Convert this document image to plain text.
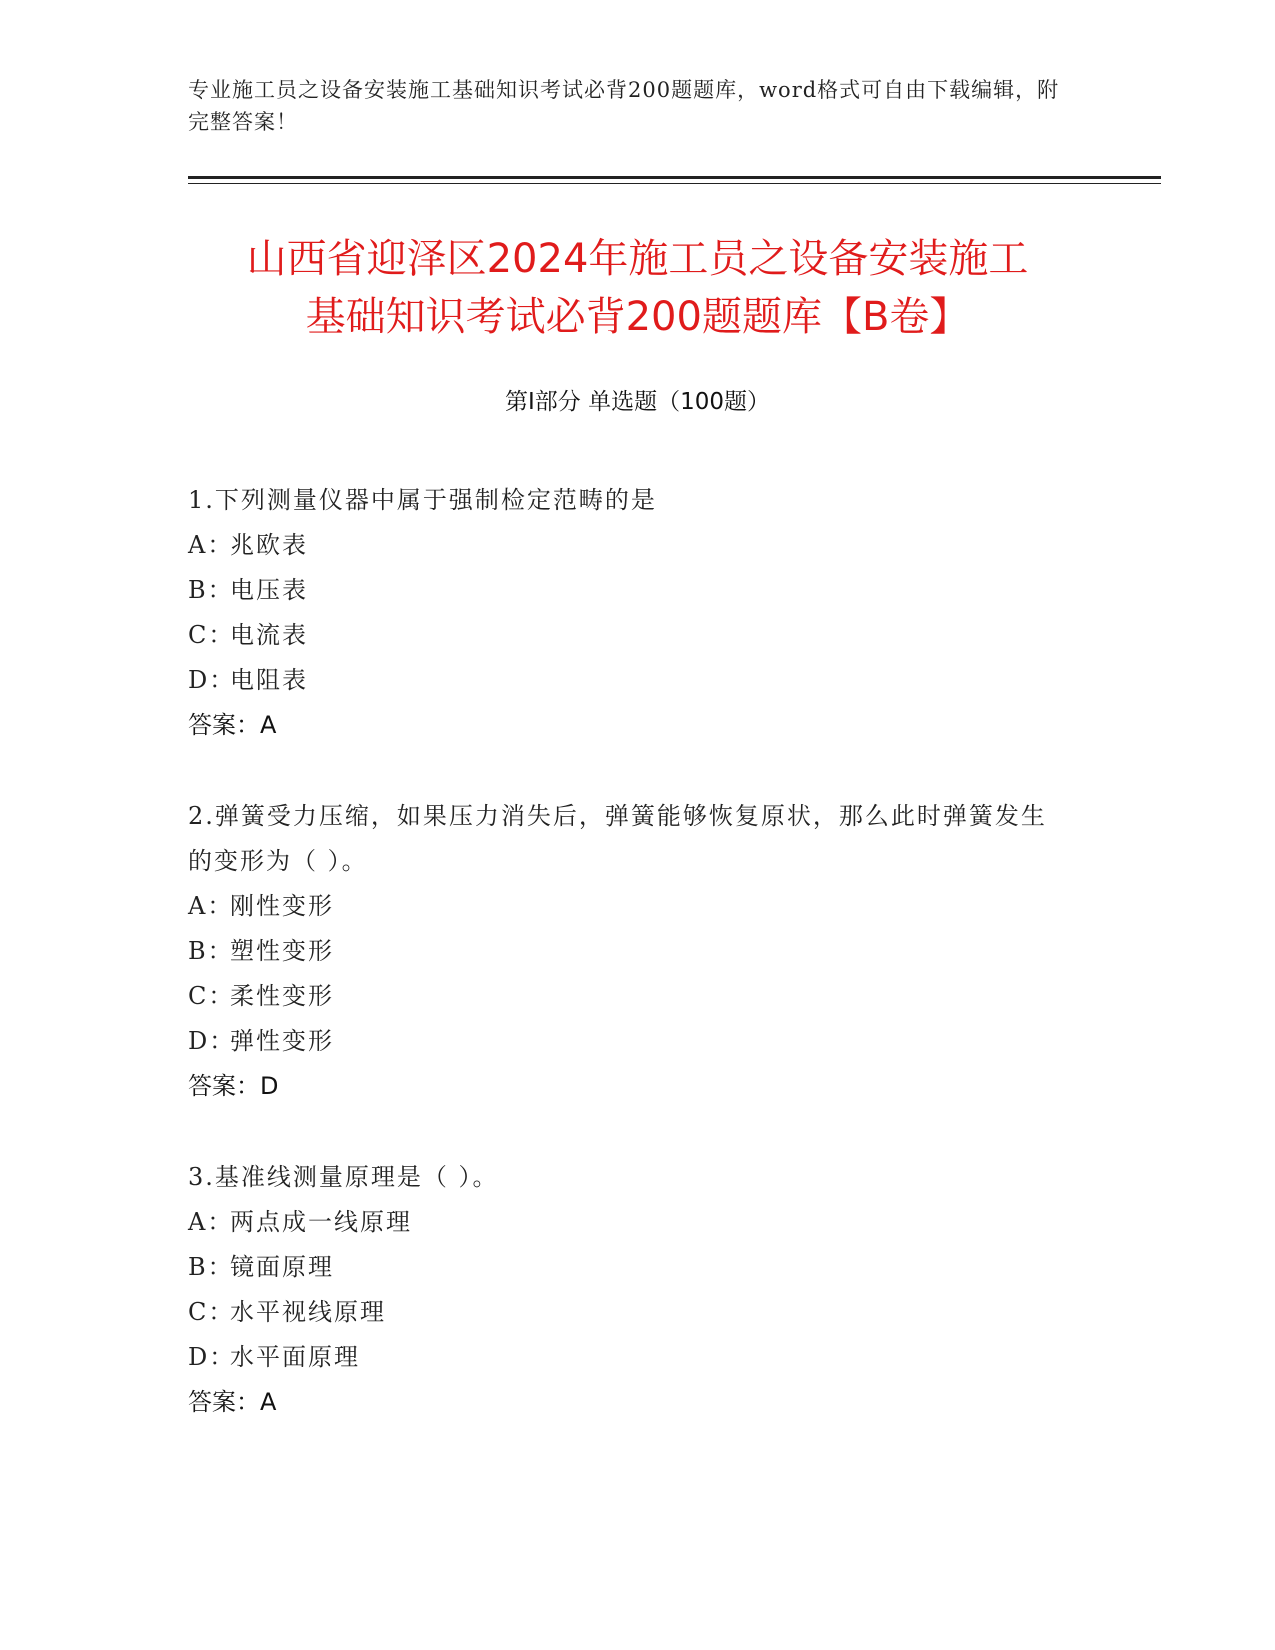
专业施工员之设备安装施工基础知识考试必背200题题库，word格式可自由下载编辑，附完整答案！
山西省迎泽区2024年施工员之设备安装施工
基础知识考试必背200题题库【B卷】
第Ⅰ部分 单选题（100题）
1.下列测量仪器中属于强制检定范畴的是
A：兆欧表
B：电压表
C：电流表
D：电阻表
答案：A
2.弹簧受力压缩，如果压力消失后，弹簧能够恢复原状，那么此时弹簧发生的变形为（ ）。
A：刚性变形
B：塑性变形
C：柔性变形
D：弹性变形
答案：D
3.基准线测量原理是（ ）。
A：两点成一线原理
B：镜面原理
C：水平视线原理
D：水平面原理
答案：A
